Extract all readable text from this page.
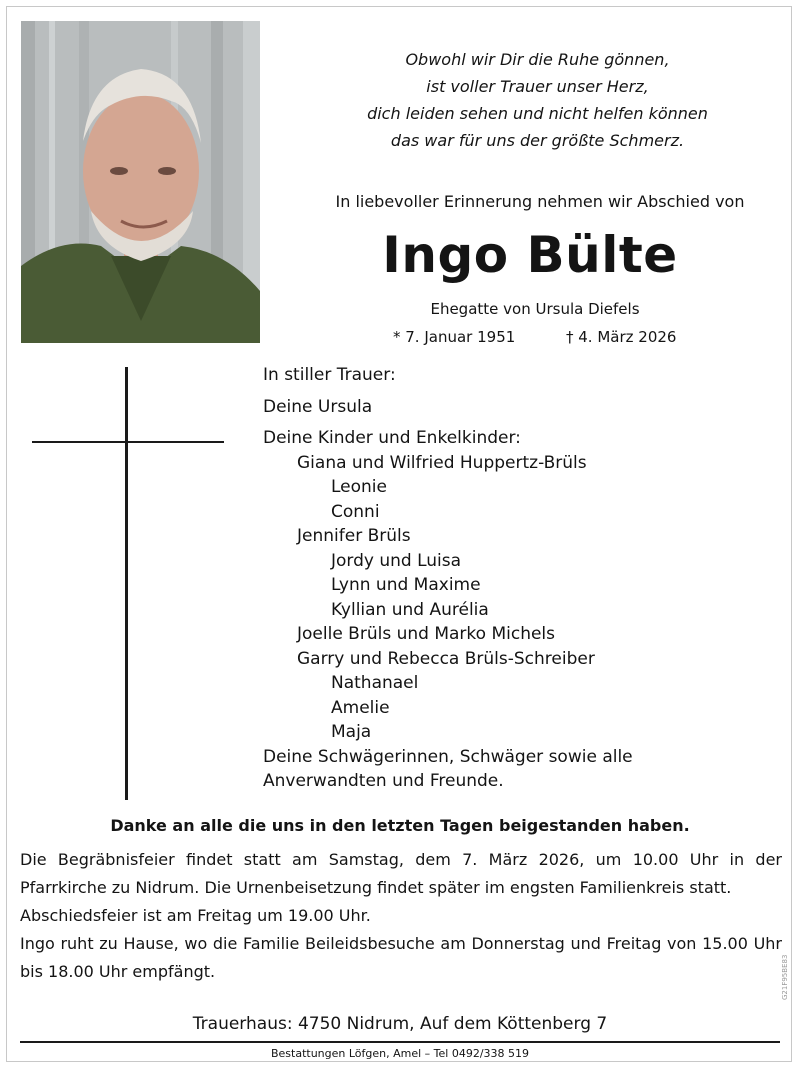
Obwohl wir Dir die Ruhe gönnen,
ist voller Trauer unser Herz,
dich leiden sehen und nicht helfen können
das war für uns der größte Schmerz.
In liebevoller Erinnerung nehmen wir Abschied von
Ingo Bülte
Ehegatte von Ursula Diefels
* 7. Januar 1951	† 4. März 2026
In stiller Trauer:
Deine Ursula
Deine Kinder und Enkelkinder:
Giana und Wilfried Huppertz-Brüls
Leonie
Conni
Jennifer Brüls
Jordy und Luisa
Lynn und Maxime
Kyllian und Aurélia
Joelle Brüls und Marko Michels
Garry und Rebecca Brüls-Schreiber
Nathanael
Amelie
Maja
Deine Schwägerinnen, Schwäger sowie alle
Anverwandten und Freunde.
Danke an alle die uns in den letzten Tagen beigestanden haben.

Die Begräbnisfeier findet statt am Samstag, dem 7. März 2026, um 10.00 Uhr in der Pfarrkirche zu Nidrum. Die Urnenbeisetzung findet später im engsten Familienkreis statt.

Abschiedsfeier ist am Freitag um 19.00 Uhr.

Ingo ruht zu Hause, wo die Familie Beileidsbesuche am Donnerstag und Freitag von 15.00 Uhr bis 18.00 Uhr empfängt.

Trauerhaus: 4750 Nidrum, Auf dem Köttenberg 7
Bestattungen Löfgen, Amel – Tel 0492/338 519
G21F95BE83
